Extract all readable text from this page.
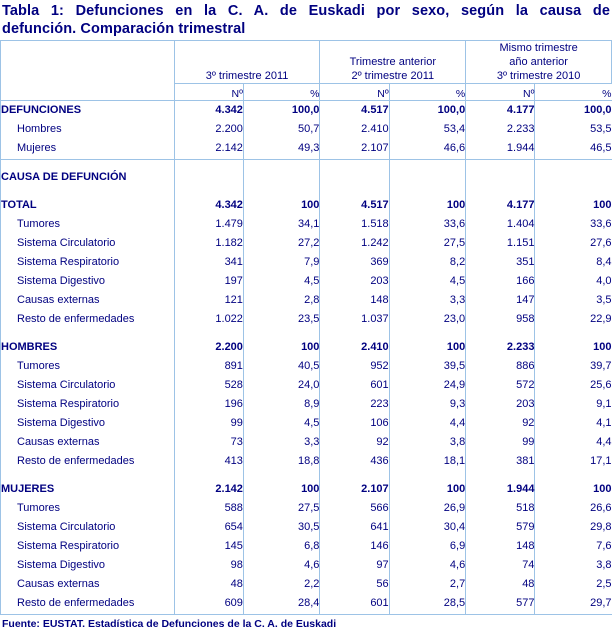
Tabla 1: Defunciones en la C. A. de Euskadi por sexo, según la causa de
defunción. Comparación trimestral
	3º trimestre 2011	
Trimestre anterior
2º trimestre 2011

Mismo trimestre
año anterior
3º trimestre 2010

	Nº	%	Nº	%	Nº	%
DEFUNCIONES	4.342	100,0	4.517	100,0	4.177	100,0
Hombres	2.200	50,7	2.410	53,4	2.233	53,5
Mujeres	2.142	49,3	2.107	46,6	1.944	46,5

CAUSA DE DEFUNCIÓN						

TOTAL	4.342	100	4.517	100	4.177	100
Tumores	1.479	34,1	1.518	33,6	1.404	33,6
Sistema Circulatorio	1.182	27,2	1.242	27,5	1.151	27,6
Sistema Respiratorio	341	7,9	369	8,2	351	8,4
Sistema Digestivo	197	4,5	203	4,5	166	4,0
Causas externas	121	2,8	148	3,3	147	3,5
Resto de enfermedades	1.022	23,5	1.037	23,0	958	22,9

HOMBRES	2.200	100	2.410	100	2.233	100
Tumores	891	40,5	952	39,5	886	39,7
Sistema Circulatorio	528	24,0	601	24,9	572	25,6
Sistema Respiratorio	196	8,9	223	9,3	203	9,1
Sistema Digestivo	99	4,5	106	4,4	92	4,1
Causas externas	73	3,3	92	3,8	99	4,4
Resto de enfermedades	413	18,8	436	18,1	381	17,1

MUJERES	2.142	100	2.107	100	1.944	100
Tumores	588	27,5	566	26,9	518	26,6
Sistema Circulatorio	654	30,5	641	30,4	579	29,8
Sistema Respiratorio	145	6,8	146	6,9	148	7,6
Sistema Digestivo	98	4,6	97	4,6	74	3,8
Causas externas	48	2,2	56	2,7	48	2,5
Resto de enfermedades	609	28,4	601	28,5	577	29,7

Fuente: EUSTAT. Estadística de Defunciones de la C. A. de Euskadi
